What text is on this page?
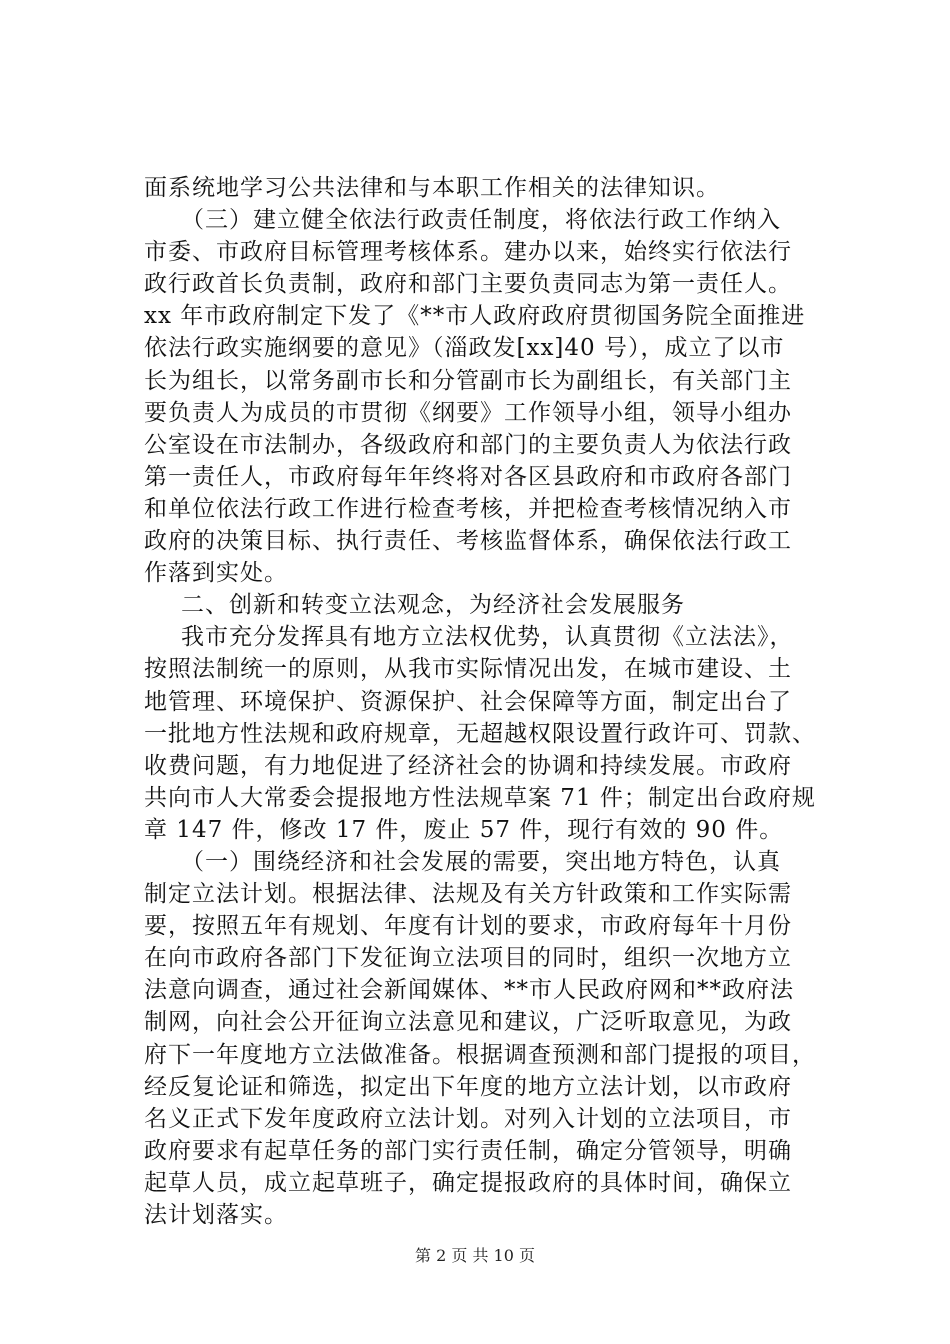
面系统地学习公共法律和与本职工作相关的法律知识。
（三）建立健全依法行政责任制度，将依法行政工作纳入
市委、市政府目标管理考核体系。建办以来，始终实行依法行
政行政首长负责制，政府和部门主要负责同志为第一责任人。
xx 年市政府制定下发了《**市人政府政府贯彻国务院全面推进
依法行政实施纲要的意见》（淄政发[xx]40 号），成立了以市
长为组长，以常务副市长和分管副市长为副组长，有关部门主
要负责人为成员的市贯彻《纲要》工作领导小组，领导小组办
公室设在市法制办，各级政府和部门的主要负责人为依法行政
第一责任人，市政府每年年终将对各区县政府和市政府各部门
和单位依法行政工作进行检查考核，并把检查考核情况纳入市
政府的决策目标、执行责任、考核监督体系，确保依法行政工
作落到实处。
二、创新和转变立法观念，为经济社会发展服务
我市充分发挥具有地方立法权优势，认真贯彻《立法法》，
按照法制统一的原则，从我市实际情况出发，在城市建设、土
地管理、环境保护、资源保护、社会保障等方面，制定出台了
一批地方性法规和政府规章，无超越权限设置行政许可、罚款、
收费问题，有力地促进了经济社会的协调和持续发展。市政府
共向市人大常委会提报地方性法规草案 71 件；制定出台政府规
章 147 件，修改 17 件，废止 57 件，现行有效的 90 件。
（一）围绕经济和社会发展的需要，突出地方特色，认真
制定立法计划。根据法律、法规及有关方针政策和工作实际需
要，按照五年有规划、年度有计划的要求，市政府每年十月份
在向市政府各部门下发征询立法项目的同时，组织一次地方立
法意向调查，通过社会新闻媒体、**市人民政府网和**政府法
制网，向社会公开征询立法意见和建议，广泛听取意见，为政
府下一年度地方立法做准备。根据调查预测和部门提报的项目，
经反复论证和筛选，拟定出下年度的地方立法计划，以市政府
名义正式下发年度政府立法计划。对列入计划的立法项目，市
政府要求有起草任务的部门实行责任制，确定分管领导，明确
起草人员，成立起草班子，确定提报政府的具体时间，确保立
法计划落实。
第 2 页 共 10 页
